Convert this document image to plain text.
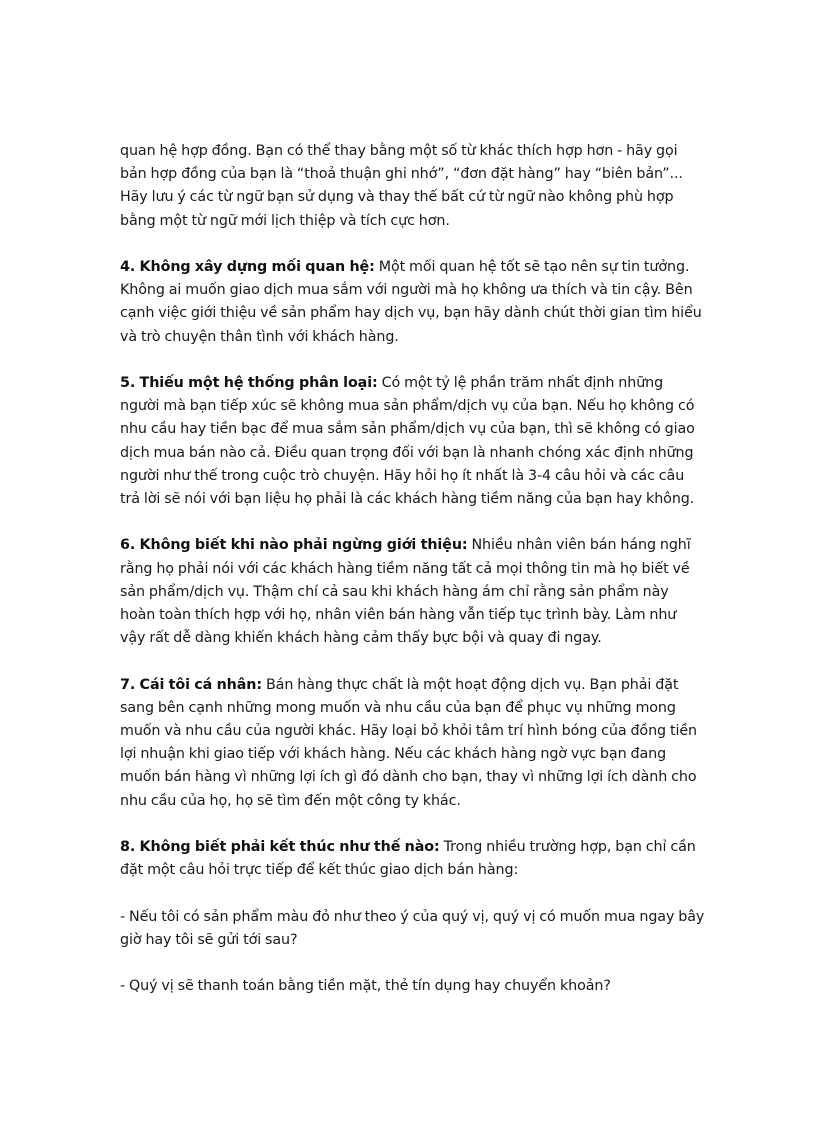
quan hệ hợp đồng. Bạn có thể thay bằng một số từ khác thích hợp hơn - hãy gọi bản hợp đồng của bạn là “thoả thuận ghi nhớ”, “đơn đặt hàng” hay “biên bản”... Hãy lưu ý các từ ngữ bạn sử dụng và thay thế bất cứ từ ngữ nào không phù hợp bằng một từ ngữ mới lịch thiệp và tích cực hơn.

4. Không xây dựng mối quan hệ: Một mối quan hệ tốt sẽ tạo nên sự tin tưởng. Không ai muốn giao dịch mua sắm với người mà họ không ưa thích và tin cậy. Bên cạnh việc giới thiệu về sản phẩm hay dịch vụ, bạn hãy dành chút thời gian tìm hiểu và trò chuyện thân tình với khách hàng.

5. Thiếu một hệ thống phân loại: Có một tỷ lệ phần trăm nhất định những người mà bạn tiếp xúc sẽ không mua sản phẩm/dịch vụ của bạn. Nếu họ không có nhu cầu hay tiền bạc để mua sắm sản phẩm/dịch vụ của bạn, thì sẽ không có giao dịch mua bán nào cả. Điều quan trọng đối với bạn là nhanh chóng xác định những người như thế trong cuộc trò chuyện. Hãy hỏi họ ít nhất là 3-4 câu hỏi và các câu trả lời sẽ nói với bạn liệu họ phải là các khách hàng tiềm năng của bạn hay không.

6. Không biết khi nào phải ngừng giới thiệu: Nhiều nhân viên bán háng nghĩ rằng họ phải nói với các khách hàng tiềm năng tất cả mọi thông tin mà họ biết về sản phẩm/dịch vụ. Thậm chí cả sau khi khách hàng ám chỉ rằng sản phẩm này hoàn toàn thích hợp với họ, nhân viên bán hàng vẫn tiếp tục trình bày. Làm như vậy rất dễ dàng khiến khách hàng cảm thấy bực bội và quay đi ngay.

7. Cái tôi cá nhân: Bán hàng thực chất là một hoạt động dịch vụ. Bạn phải đặt sang bên cạnh những mong muốn và nhu cầu của bạn để phục vụ những mong muốn và nhu cầu của người khác. Hãy loại bỏ khỏi tâm trí hình bóng của đồng tiền lợi nhuận khi giao tiếp với khách hàng. Nếu các khách hàng ngờ vực bạn đang muốn bán hàng vì những lợi ích gì đó dành cho bạn, thay vì những lợi ích dành cho nhu cầu của họ, họ sẽ tìm đến một công ty khác.

8. Không biết phải kết thúc như thế nào: Trong nhiều trường hợp, bạn chỉ cần đặt một câu hỏi trực tiếp để kết thúc giao dịch bán hàng:

- Nếu tôi có sản phẩm màu đỏ như theo ý của quý vị, quý vị có muốn mua ngay bây giờ hay tôi sẽ gửi tới sau?

- Quý vị sẽ thanh toán bằng tiền mặt, thẻ tín dụng hay chuyển khoản?
